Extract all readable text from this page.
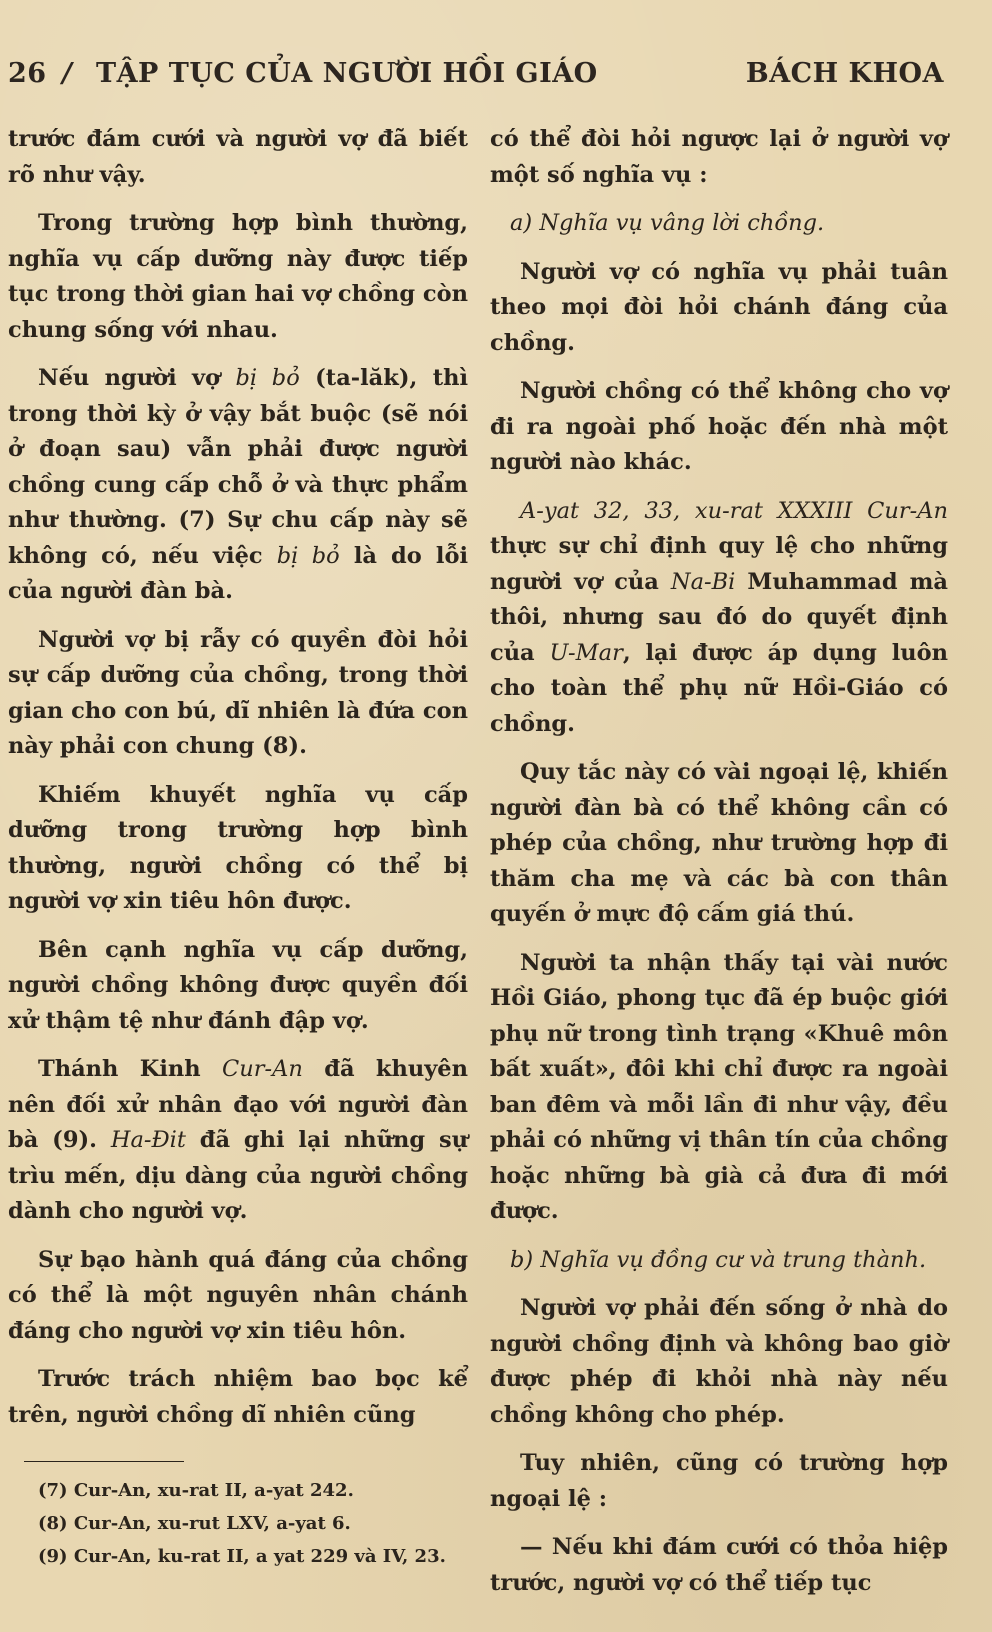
26 / TẬP TỤC CỦA NGƯỜI HỒI GIÁO	BÁCH KHOA

trước đám cưới và người vợ đã biết rõ như vậy.

Trong trường hợp bình thường, nghĩa vụ cấp dưỡng này được tiếp tục trong thời gian hai vợ chồng còn chung sống với nhau.

Nếu người vợ bị bỏ (ta-lăk), thì trong thời kỳ ở vậy bắt buộc (sẽ nói ở đoạn sau) vẫn phải được người chồng cung cấp chỗ ở và thực phẩm như thường. (7) Sự chu cấp này sẽ không có, nếu việc bị bỏ là do lỗi của người đàn bà.

Người vợ bị rẫy có quyền đòi hỏi sự cấp dưỡng của chồng, trong thời gian cho con bú, dĩ nhiên là đứa con này phải con chung (8).

Khiếm khuyết nghĩa vụ cấp dưỡng trong trường hợp bình thường, người chồng có thể bị người vợ xin tiêu hôn được.

Bên cạnh nghĩa vụ cấp dưỡng, người chồng không được quyền đối xử thậm tệ như đánh đập vợ.

Thánh Kinh Cur-An đã khuyên nên đối xử nhân đạo với người đàn bà (9). Ha-Đit đã ghi lại những sự trìu mến, dịu dàng của người chồng dành cho người vợ.

Sự bạo hành quá đáng của chồng có thể là một nguyên nhân chánh đáng cho người vợ xin tiêu hôn.

Trước trách nhiệm bao bọc kể trên, người chồng dĩ nhiên cũng

(7) Cur-An, xu-rat II, a-yat 242.
(8) Cur-An, xu-rut LXV, a-yat 6.
(9) Cur-An, ku-rat II, a yat 229 và IV, 23.

có thể đòi hỏi ngược lại ở người vợ một số nghĩa vụ :

a) Nghĩa vụ vâng lời chồng.

Người vợ có nghĩa vụ phải tuân theo mọi đòi hỏi chánh đáng của chồng.

Người chồng có thể không cho vợ đi ra ngoài phố hoặc đến nhà một người nào khác.

A-yat 32, 33, xu-rat XXXIII Cur-An thực sự chỉ định quy lệ cho những người vợ của Na-Bi Muhammad mà thôi, nhưng sau đó do quyết định của U-Mar, lại được áp dụng luôn cho toàn thể phụ nữ Hồi-Giáo có chồng.

Quy tắc này có vài ngoại lệ, khiến người đàn bà có thể không cần có phép của chồng, như trường hợp đi thăm cha mẹ và các bà con thân quyến ở mực độ cấm giá thú.

Người ta nhận thấy tại vài nước Hồi Giáo, phong tục đã ép buộc giới phụ nữ trong tình trạng «Khuê môn bất xuất», đôi khi chỉ được ra ngoài ban đêm và mỗi lần đi như vậy, đều phải có những vị thân tín của chồng hoặc những bà già cả đưa đi mới được.

b) Nghĩa vụ đồng cư và trung thành.

Người vợ phải đến sống ở nhà do người chồng định và không bao giờ được phép đi khỏi nhà này nếu chồng không cho phép.

Tuy nhiên, cũng có trường hợp ngoại lệ :

— Nếu khi đám cưới có thỏa hiệp trước, người vợ có thể tiếp tục
